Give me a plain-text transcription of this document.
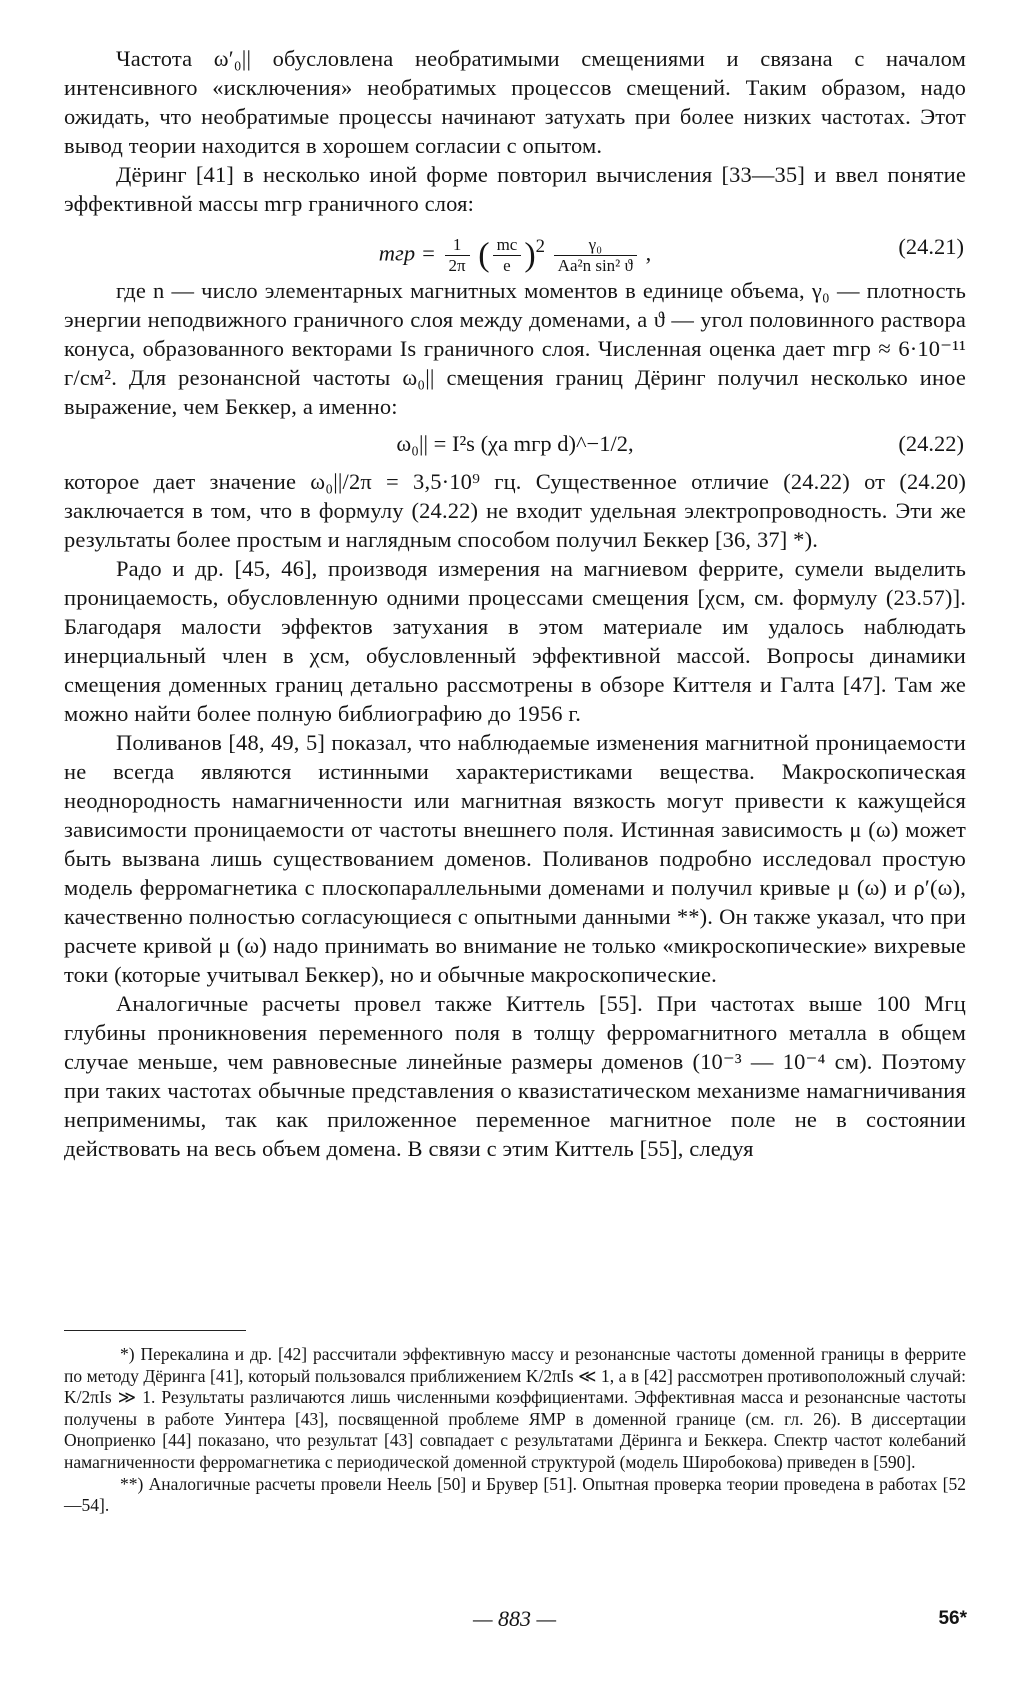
Частота ω′₀|| обусловлена необратимыми смещениями и связана с началом интенсивного «исключения» необратимых процессов смещений. Таким образом, надо ожидать, что необратимые процессы начинают затухать при более низких частотах. Этот вывод теории находится в хорошем согласии с опытом.

Дёринг [41] в несколько иной форме повторил вычисления [33—35] и ввел понятие эффективной массы mгр граничного слоя:

mгр = $\frac{1}{2\pi}$ ( $\frac{mc}{e} )^2 \frac{\text{γ₀}}{\text{Aa²n sin² ϑ}}$ ,	(24.21)

где n — число элементарных магнитных моментов в единице объема, γ₀ — плотность энергии неподвижного граничного слоя между доменами, а ϑ — угол половинного раствора конуса, образованного векторами Is граничного слоя. Численная оценка дает mгр ≈ 6·10⁻¹¹ г/см². Для резонансной частоты ω₀|| смещения границ Дёринг получил несколько иное выражение, чем Беккер, а именно:

ω₀|| = I²s (χa mгр d)^−1/2,	(24.22)

которое дает значение ω₀||/2π = 3,5·10⁹ гц. Существенное отличие (24.22) от (24.20) заключается в том, что в формулу (24.22) не входит удельная электропроводность. Эти же результаты более простым и наглядным способом получил Беккер [36, 37] *).

Радо и др. [45, 46], производя измерения на магниевом феррите, сумели выделить проницаемость, обусловленную одними процессами смещения [χсм, см. формулу (23.57)]. Благодаря малости эффектов затухания в этом материале им удалось наблюдать инерциальный член в χсм, обусловленный эффективной массой. Вопросы динамики смещения доменных границ детально рассмотрены в обзоре Киттеля и Галта [47]. Там же можно найти более полную библиографию до 1956 г.

Поливанов [48, 49, 5] показал, что наблюдаемые изменения магнитной проницаемости не всегда являются истинными характеристиками вещества. Макроскопическая неоднородность намагниченности или магнитная вязкость могут привести к кажущейся зависимости проницаемости от частоты внешнего поля. Истинная зависимость μ (ω) может быть вызвана лишь существованием доменов. Поливанов подробно исследовал простую модель ферромагнетика с плоскопараллельными доменами и получил кривые μ (ω) и ρ′(ω), качественно полностью согласующиеся с опытными данными **). Он также указал, что при расчете кривой μ (ω) надо принимать во внимание не только «микроскопические» вихревые токи (которые учитывал Беккер), но и обычные макроскопические.

Аналогичные расчеты провел также Киттель [55]. При частотах выше 100 Мгц глубины проникновения переменного поля в толщу ферромагнитного металла в общем случае меньше, чем равновесные линейные размеры доменов (10⁻³ — 10⁻⁴ см). Поэтому при таких частотах обычные представления о квазистатическом механизме намагничивания неприменимы, так как приложенное переменное магнитное поле не в состоянии действовать на весь объем домена. В связи с этим Киттель [55], следуя

*) Перекалина и др. [42] рассчитали эффективную массу и резонансные частоты доменной границы в феррите по методу Дёринга [41], который пользовался приближением K/2πIs ≪ 1, а в [42] рассмотрен противоположный случай: K/2πIs ≫ 1. Результаты различаются лишь численными коэффициентами. Эффективная масса и резонансные частоты получены в работе Уинтера [43], посвященной проблеме ЯМР в доменной границе (см. гл. 26). В диссертации Оноприенко [44] показано, что результат [43] совпадает с результатами Дёринга и Беккера. Спектр частот колебаний намагниченности ферромагнетика с периодической доменной структурой (модель Широбокова) приведен в [590].

**) Аналогичные расчеты провели Неель [50] и Брувер [51]. Опытная проверка теории проведена в работах [52—54].

— 883 —	56*
